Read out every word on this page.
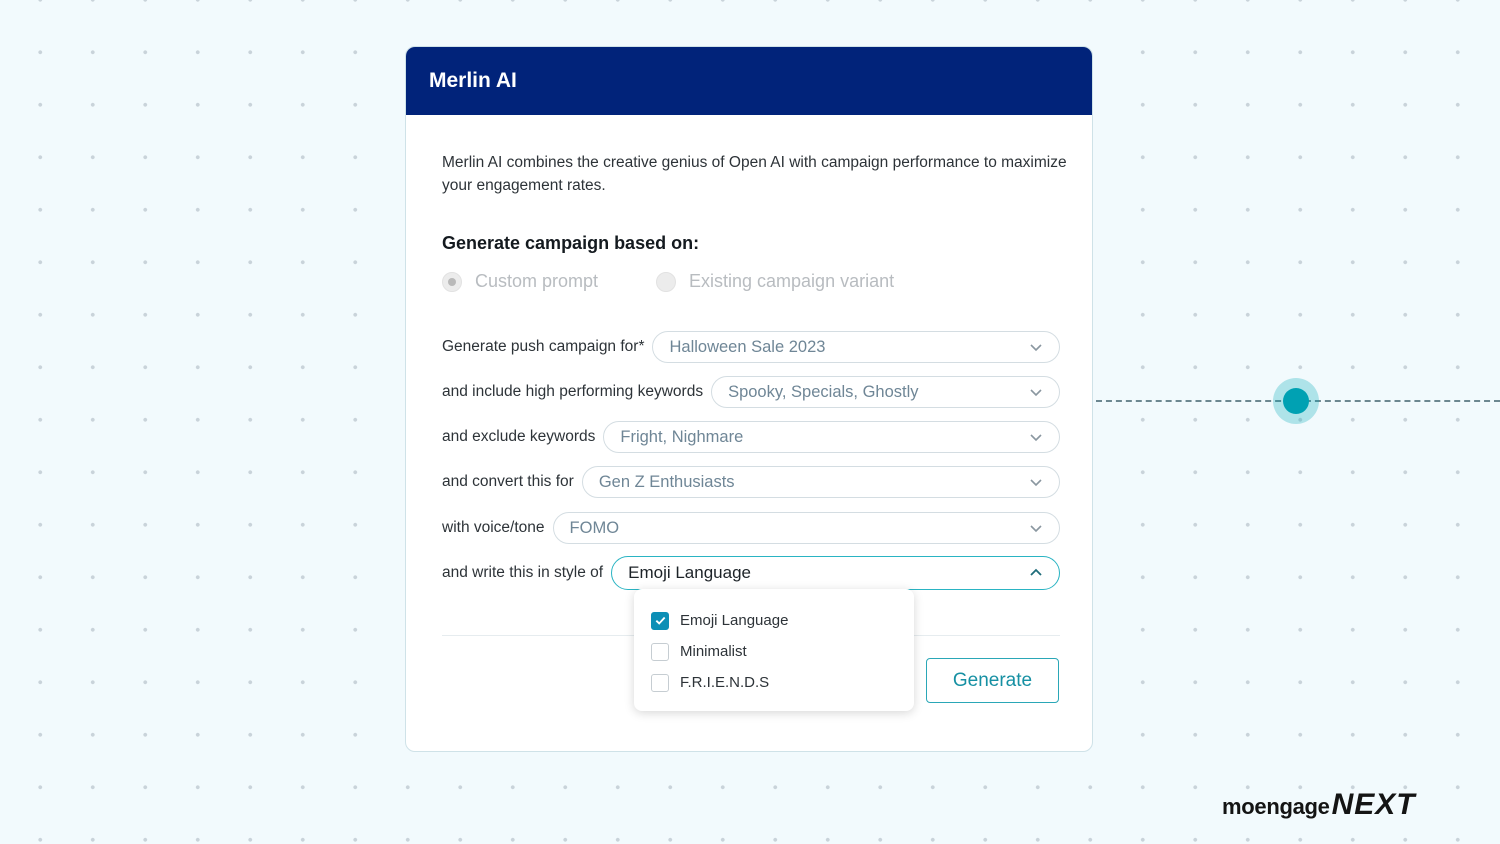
Merlin AI
Merlin AI combines the creative genius of Open AI with campaign performance to maximize your engagement rates.
Generate campaign based on:
Custom prompt	Existing campaign variant
Generate push campaign for* Halloween Sale 2023
and include high performing keywords Spooky, Specials, Ghostly
and exclude keywords Fright, Nighmare
and convert this for Gen Z Enthusiasts
with voice/tone FOMO
and write this in style of Emoji Language
Generate
Emoji Language
Minimalist
F.R.I.E.N.D.S
moengage NEXT
